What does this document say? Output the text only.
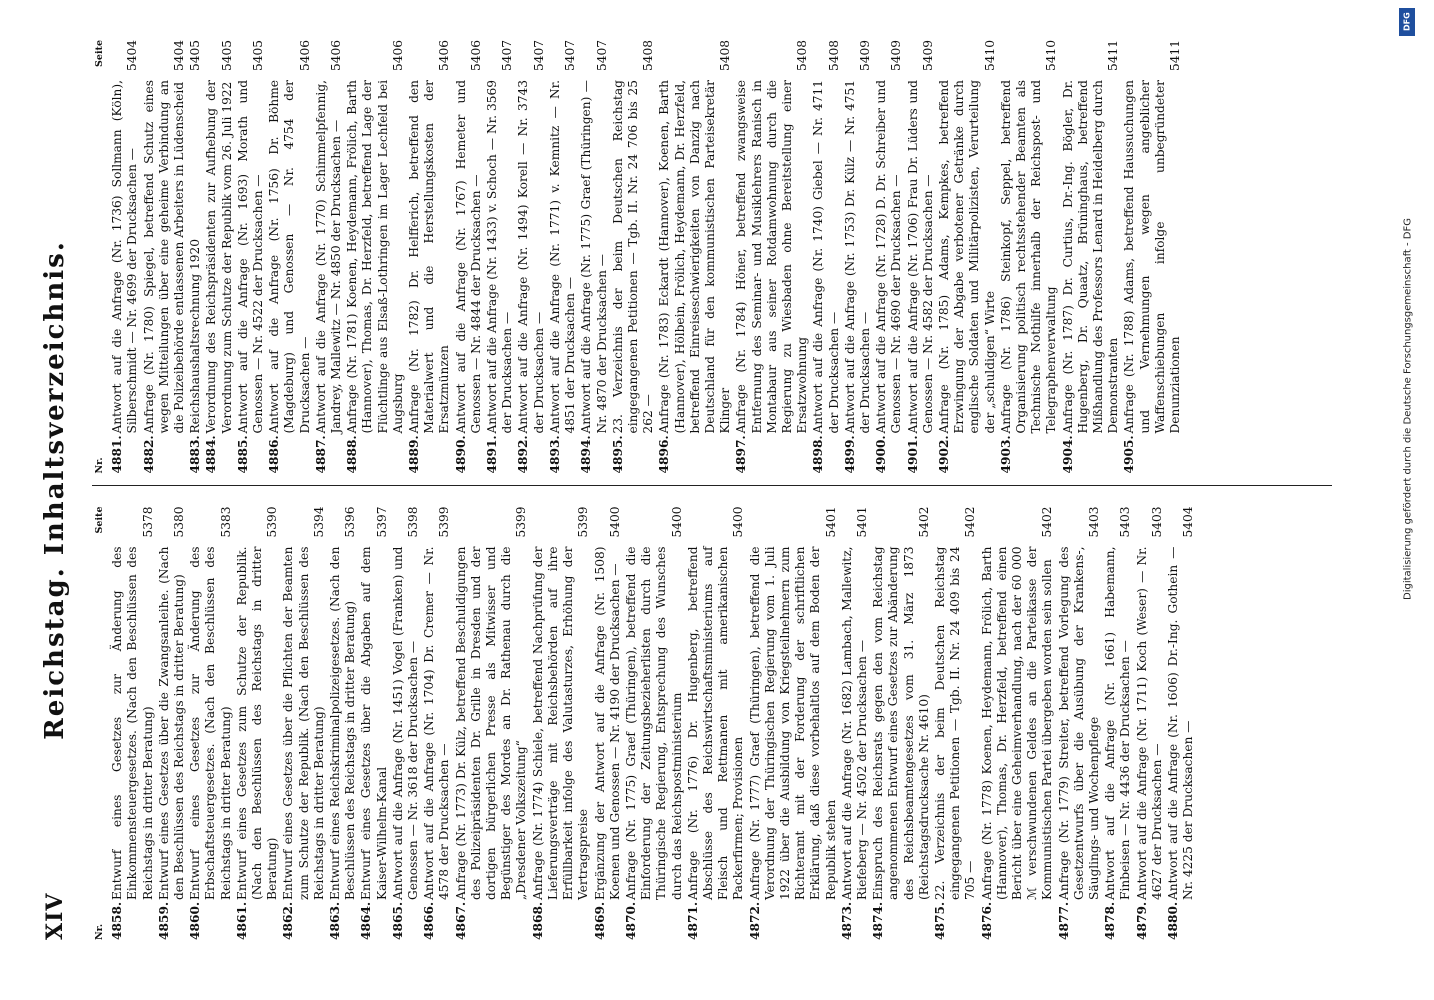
XIV
Reichstag. Inhaltsverzeichnis.
Nr.
Seite
4858.
Entwurf eines Gesetzes zur Änderung des Einkommensteuergesetzes. (Nach den Beschlüssen des Reichstags in dritter Beratung)
5378
4859.
Entwurf eines Gesetzes über die Zwangsanleihe. (Nach den Beschlüssen des Reichstags in dritter Beratung)
5380
4860.
Entwurf eines Gesetzes zur Änderung des Erbschaftsteuergesetzes. (Nach den Beschlüssen des Reichstags in dritter Beratung)
5383
4861.
Entwurf eines Gesetzes zum Schutze der Republik. (Nach den Beschlüssen des Reichstags in dritter Beratung)
5390
4862.
Entwurf eines Gesetzes über die Pflichten der Beamten zum Schutze der Republik. (Nach den Beschlüssen des Reichstags in dritter Beratung)
5394
4863.
Entwurf eines Reichskriminalpolizeigesetzes. (Nach den Beschlüssen des Reichstags in dritter Beratung)
5396
4864.
Entwurf eines Gesetzes über die Abgaben auf dem Kaiser-Wilhelm-Kanal
5397
4865.
Antwort auf die Anfrage (Nr. 1451) Vogel (Franken) und Genossen — Nr. 3618 der Drucksachen —
5398
4866.
Antwort auf die Anfrage (Nr. 1704) Dr. Cremer — Nr. 4578 der Drucksachen —
5399
4867.
Anfrage (Nr. 1773) Dr. Külz, betreffend Beschuldigungen des Polizeipräsidenten Dr. Grille in Dresden und der dortigen bürgerlichen Presse als Mitwisser und Begünstiger des Mordes an Dr. Rathenau durch die „Dresdener Volkszeitung“
5399
4868.
Anfrage (Nr. 1774) Schiele, betreffend Nachprüfung der Lieferungsverträge mit Reichsbehörden auf ihre Erfüllbarkeit infolge des Valutasturzes, Erhöhung der Vertragspreise
5399
4869.
Ergänzung der Antwort auf die Anfrage (Nr. 1508) Koenen und Genossen — Nr. 4190 der Drucksachen —
5400
4870.
Anfrage (Nr. 1775) Graef (Thüringen), betreffend die Einforderung der Zeitungsbezieherlisten durch die Thüringische Regierung, Entsprechung des Wunsches durch das Reichspostministerium
5400
4871.
Anfrage (Nr. 1776) Dr. Hugenberg, betreffend Abschlüsse des Reichswirtschaftsministeriums auf Fleisch und Rettmanen mit amerikanischen Packerfirmen; Provisionen
5400
4872.
Anfrage (Nr. 1777) Graef (Thüringen), betreffend die Verordnung der Thüringischen Regierung vom 1. Juli 1922 über die Ausbildung von Kriegsteilnehmern zum Richteramt mit der Forderung der schriftlichen Erklärung, daß diese vorbehaltlos auf dem Boden der Republik stehen
5401
4873.
Antwort auf die Anfrage (Nr. 1682) Lambach, Mallewitz, Riefeberg — Nr. 4502 der Drucksachen —
5401
4874.
Einspruch des Reichsrats gegen den vom Reichstag angenommenen Entwurf eines Gesetzes zur Abänderung des Reichsbeamtengesetzes vom 31. März 1873 (Reichstagsdrucksache Nr. 4610)
5402
4875.
22. Verzeichnis der beim Deutschen Reichstag eingegangenen Petitionen — Tgb. II. Nr. 24 409 bis 24 705 —
5402
4876.
Anfrage (Nr. 1778) Koenen, Heydemann, Frölich, Barth (Hannover), Thomas, Dr. Herzfeld, betreffend einen Bericht über eine Geheimverhandlung, nach der 60 000 ℳ verschwundenen Geldes an die Parteikasse der Kommunistischen Partei übergeben worden sein sollen
5402
4877.
Anfrage (Nr. 1779) Streiter, betreffend Vorlegung des Gesetzentwurfs über die Ausübung der Krankens-, Säuglings- und Wochenpflege
5403
4878.
Antwort auf die Anfrage (Nr. 1661) Habemann, Finbeisen — Nr. 4436 der Drucksachen —
5403
4879.
Antwort auf die Anfrage (Nr. 1711) Koch (Weser) — Nr. 4627 der Drucksachen —
5403
4880.
Antwort auf die Anfrage (Nr. 1606) Dr.-Ing. Gothein — Nr. 4225 der Drucksachen —
5404
Nr.
Seite
4881.
Antwort auf die Anfrage (Nr. 1736) Sollmann (Köln), Silberschmidt — Nr. 4699 der Drucksachen —
5404
4882.
Anfrage (Nr. 1780) Spiegel, betreffend Schutz eines wegen Mitteilungen über eine geheime Verbindung an die Polizeibehörde entlassenen Arbeiters in Lüdenscheid
5404
4883.
Reichshaushaltsrechnung 1920
5405
4884.
Verordnung des Reichspräsidenten zur Aufhebung der Verordnung zum Schutze der Republik vom 26. Juli 1922
5405
4885.
Antwort auf die Anfrage (Nr. 1693) Morath und Genossen — Nr. 4522 der Drucksachen —
5405
4886.
Antwort auf die Anfrage (Nr. 1756) Dr. Böhme (Magdeburg) und Genossen — Nr. 4754 der Drucksachen —
5406
4887.
Antwort auf die Anfrage (Nr. 1770) Schimmelpfennig, Jandrey, Mallewitz — Nr. 4850 der Drucksachen —
5406
4888.
Anfrage (Nr. 1781) Koenen, Heydemann, Frölich, Barth (Hannover), Thomas, Dr. Herzfeld, betreffend Lage der Flüchtlinge aus Elsaß-Lothringen im Lager Lechfeld bei Augsburg
5406
4889.
Anfrage (Nr. 1782) Dr. Helfferich, betreffend den Materialwert und die Herstellungskosten der Ersatzmünzen
5406
4890.
Antwort auf die Anfrage (Nr. 1767) Hemeter und Genossen — Nr. 4844 der Drucksachen —
5406
4891.
Antwort auf die Anfrage (Nr. 1433) v. Schoch — Nr. 3569 der Drucksachen —
5407
4892.
Antwort auf die Anfrage (Nr. 1494) Korell — Nr. 3743 der Drucksachen —
5407
4893.
Antwort auf die Anfrage (Nr. 1771) v. Kemnitz — Nr. 4851 der Drucksachen —
5407
4894.
Antwort auf die Anfrage (Nr. 1775) Graef (Thüringen) — Nr. 4870 der Drucksachen —
5407
4895.
23. Verzeichnis der beim Deutschen Reichstag eingegangenen Petitionen — Tgb. II. Nr. 24 706 bis 25 262 —
5408
4896.
Anfrage (Nr. 1783) Eckardt (Hannover), Koenen, Barth (Hannover), Hölbein, Frölich, Heydemann, Dr. Herzfeld, betreffend Einreiseschwierigkeiten von Danzig nach Deutschland für den kommunistischen Parteisekretär Klinger
5408
4897.
Anfrage (Nr. 1784) Höner, betreffend zwangsweise Entfernung des Seminar- und Musiklehrers Ranisch in Montabaur aus seiner Rotdamwohnung durch die Regierung zu Wiesbaden ohne Bereitstellung einer Ersatzwohnung
5408
4898.
Antwort auf die Anfrage (Nr. 1740) Giebel — Nr. 4711 der Drucksachen —
5408
4899.
Antwort auf die Anfrage (Nr. 1753) Dr. Külz — Nr. 4751 der Drucksachen —
5409
4900.
Antwort auf die Anfrage (Nr. 1728) D. Dr. Schreiber und Genossen — Nr. 4690 der Drucksachen —
5409
4901.
Antwort auf die Anfrage (Nr. 1706) Frau Dr. Lüders und Genossen — Nr. 4582 der Drucksachen —
5409
4902.
Anfrage (Nr. 1785) Adams, Kempkes, betreffend Erzwingung der Abgabe verbotener Getränke durch englische Soldaten und Militärpolizisten, Verurteilung der „schuldigen“ Wirte
5410
4903.
Anfrage (Nr. 1786) Steinkopf, Seppel, betreffend Organisierung politisch rechtsstehender Beamten als Technische Nothilfe innerhalb der Reichspost- und Telegraphenverwaltung
5410
4904.
Anfrage (Nr. 1787) Dr. Curtius, Dr.-Ing. Bögler, Dr. Hugenberg, Dr. Quaatz, Brüninghaus, betreffend Mißhandlung des Professors Lenard in Heidelberg durch Demonstranten
5411
4905.
Anfrage (Nr. 1788) Adams, betreffend Haussuchungen und Vernehmungen wegen angeblicher Waffenschiebungen infolge unbegründeter Denunziationen
5411
DFG
Digitalisierung gefördert durch die Deutsche Forschungsgemeinschaft - DFG
